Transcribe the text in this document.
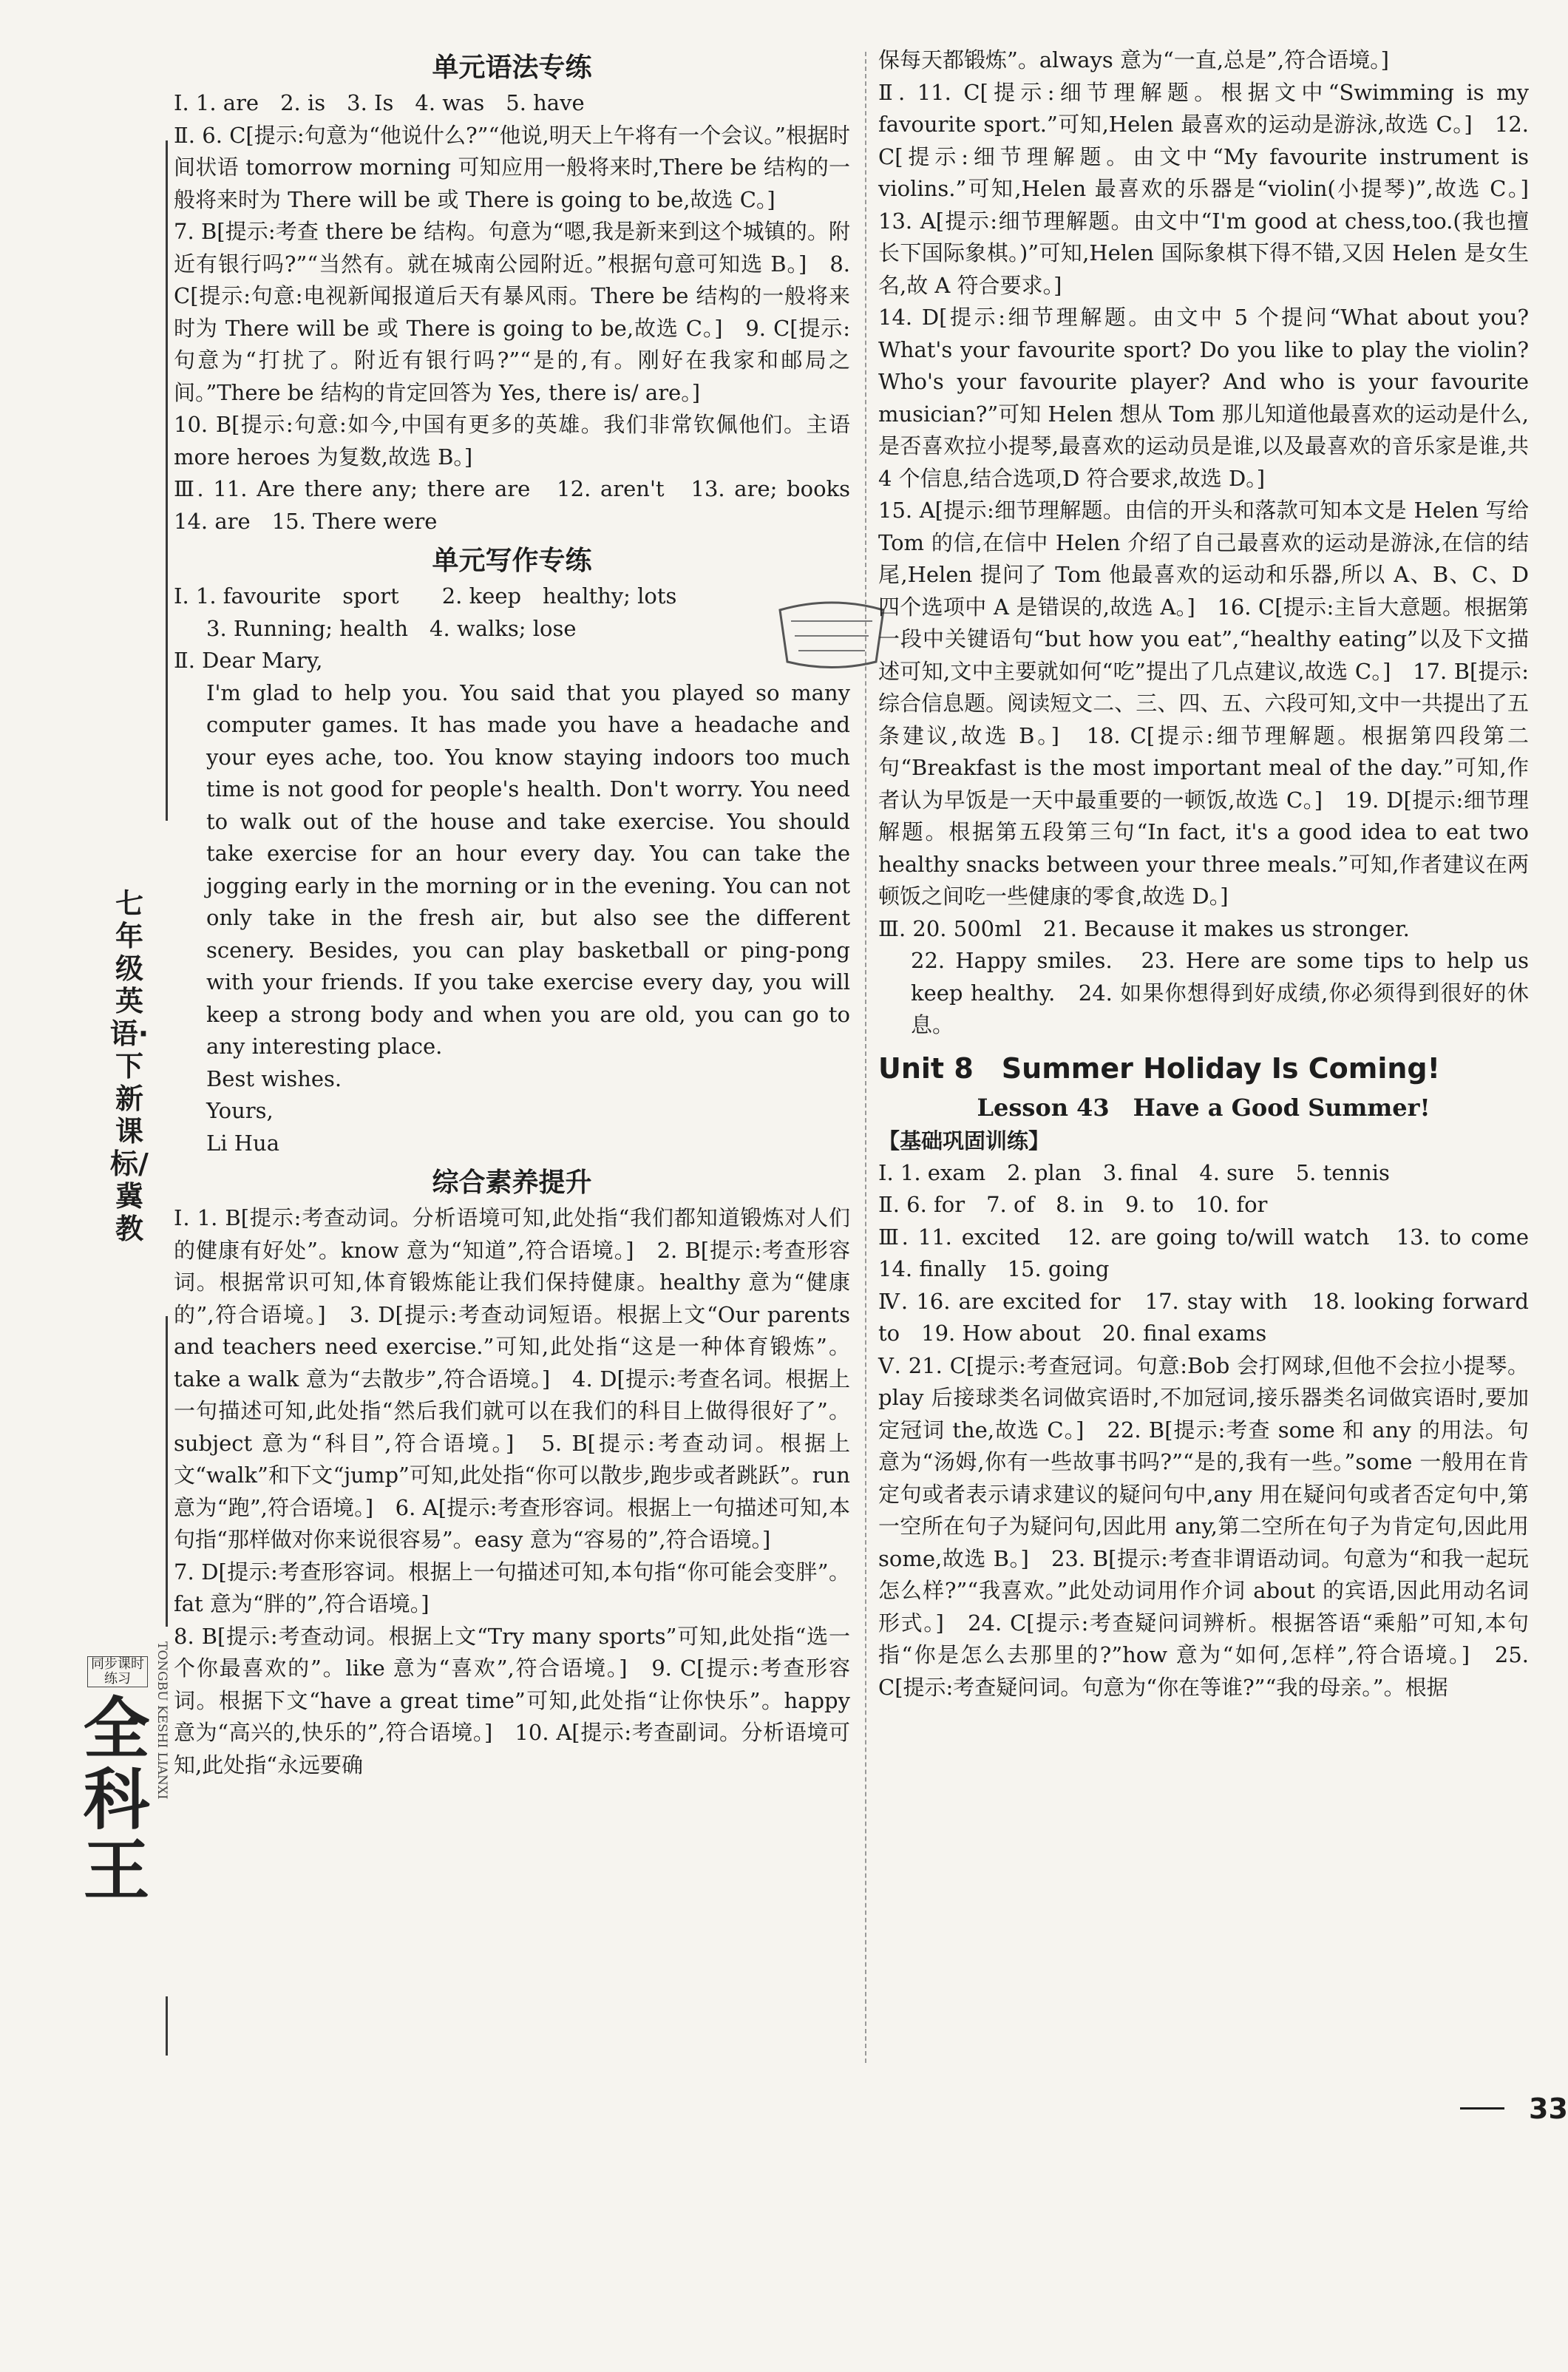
七年级英语·下　新课标/冀教
全科王
TONGBU KESHI LIANXI
同步课时练习
单元语法专练

Ⅰ. 1. are　2. is　3. Is　4. was　5. have

Ⅱ. 6. C[提示:句意为“他说什么?”“他说,明天上午将有一个会议。”根据时间状语 tomorrow morning 可知应用一般将来时,There be 结构的一般将来时为 There will be 或 There is going to be,故选 C。]

7. B[提示:考查 there be 结构。句意为“嗯,我是新来到这个城镇的。附近有银行吗?”“当然有。就在城南公园附近。”根据句意可知选 B。]　8. C[提示:句意:电视新闻报道后天有暴风雨。There be 结构的一般将来时为 There will be 或 There is going to be,故选 C。]　9. C[提示:句意为“打扰了。附近有银行吗?”“是的,有。刚好在我家和邮局之间。”There be 结构的肯定回答为 Yes, there is/ are。]

10. B[提示:句意:如今,中国有更多的英雄。我们非常钦佩他们。主语 more heroes 为复数,故选 B。]

Ⅲ. 11. Are there any; there are　12. aren't　13. are; books　14. are　15. There were

单元写作专练

Ⅰ. 1. favourite　sport　　2. keep　healthy; lots

3. Running; health　4. walks; lose

Ⅱ. Dear Mary,

I'm glad to help you. You said that you played so many computer games. It has made you have a headache and your eyes ache, too. You know staying indoors too much time is not good for people's health. Don't worry. You need to walk out of the house and take exercise. You should take exercise for an hour every day. You can take the jogging early in the morning or in the evening. You can not only take in the fresh air, but also see the different scenery. Besides, you can play basketball or ping-pong with your friends. If you take exercise every day, you will keep a strong body and when you are old, you can go to any interesting place.

Best wishes.

Yours,

Li Hua

综合素养提升

Ⅰ. 1. B[提示:考查动词。分析语境可知,此处指“我们都知道锻炼对人们的健康有好处”。know 意为“知道”,符合语境。]　2. B[提示:考查形容词。根据常识可知,体育锻炼能让我们保持健康。healthy 意为“健康的”,符合语境。]　3. D[提示:考查动词短语。根据上文“Our parents and teachers need exercise.”可知,此处指“这是一种体育锻炼”。take a walk 意为“去散步”,符合语境。]　4. D[提示:考查名词。根据上一句描述可知,此处指“然后我们就可以在我们的科目上做得很好了”。subject 意为“科目”,符合语境。]　5. B[提示:考查动词。根据上文“walk”和下文“jump”可知,此处指“你可以散步,跑步或者跳跃”。run 意为“跑”,符合语境。]　6. A[提示:考查形容词。根据上一句描述可知,本句指“那样做对你来说很容易”。easy 意为“容易的”,符合语境。]

7. D[提示:考查形容词。根据上一句描述可知,本句指“你可能会变胖”。fat 意为“胖的”,符合语境。]

8. B[提示:考查动词。根据上文“Try many sports”可知,此处指“选一个你最喜欢的”。like 意为“喜欢”,符合语境。]　9. C[提示:考查形容词。根据下文“have a great time”可知,此处指“让你快乐”。happy 意为“高兴的,快乐的”,符合语境。]　10. A[提示:考查副词。分析语境可知,此处指“永远要确

保每天都锻炼”。always 意为“一直,总是”,符合语境。]

Ⅱ. 11. C[提示:细节理解题。根据文中“Swimming is my favourite sport.”可知,Helen 最喜欢的运动是游泳,故选 C。]　12. C[提示:细节理解题。由文中“My favourite instrument is violins.”可知,Helen 最喜欢的乐器是“violin(小提琴)”,故选 C。]　13. A[提示:细节理解题。由文中“I'm good at chess,too.(我也擅长下国际象棋。)”可知,Helen 国际象棋下得不错,又因 Helen 是女生名,故 A 符合要求。]

14. D[提示:细节理解题。由文中 5 个提问“What about you? What's your favourite sport? Do you like to play the violin? Who's your favourite player? And who is your favourite musician?”可知 Helen 想从 Tom 那儿知道他最喜欢的运动是什么,是否喜欢拉小提琴,最喜欢的运动员是谁,以及最喜欢的音乐家是谁,共 4 个信息,结合选项,D 符合要求,故选 D。]

15. A[提示:细节理解题。由信的开头和落款可知本文是 Helen 写给 Tom 的信,在信中 Helen 介绍了自己最喜欢的运动是游泳,在信的结尾,Helen 提问了 Tom 他最喜欢的运动和乐器,所以 A、B、C、D 四个选项中 A 是错误的,故选 A。]　16. C[提示:主旨大意题。根据第一段中关键语句“but how you eat”,“healthy eating”以及下文描述可知,文中主要就如何“吃”提出了几点建议,故选 C。]　17. B[提示:综合信息题。阅读短文二、三、四、五、六段可知,文中一共提出了五条建议,故选 B。]　18. C[提示:细节理解题。根据第四段第二句“Breakfast is the most important meal of the day.”可知,作者认为早饭是一天中最重要的一顿饭,故选 C。]　19. D[提示:细节理解题。根据第五段第三句“In fact, it's a good idea to eat two healthy snacks between your three meals.”可知,作者建议在两顿饭之间吃一些健康的零食,故选 D。]

Ⅲ. 20. 500ml　21. Because it makes us stronger.

22. Happy smiles.　23. Here are some tips to help us keep healthy.　24. 如果你想得到好成绩,你必须得到很好的休息。

Unit 8　Summer Holiday Is Coming!
Lesson 43　Have a Good Summer!
【基础巩固训练】

Ⅰ. 1. exam　2. plan　3. final　4. sure　5. tennis

Ⅱ. 6. for　7. of　8. in　9. to　10. for

Ⅲ. 11. excited　12. are going to/will watch　13. to come　14. finally　15. going

Ⅳ. 16. are excited for　17. stay with　18. looking forward to　19. How about　20. final exams

Ⅴ. 21. C[提示:考查冠词。句意:Bob 会打网球,但他不会拉小提琴。play 后接球类名词做宾语时,不加冠词,接乐器类名词做宾语时,要加定冠词 the,故选 C。]　22. B[提示:考查 some 和 any 的用法。句意为“汤姆,你有一些故事书吗?”“是的,我有一些。”some 一般用在肯定句或者表示请求建议的疑问句中,any 用在疑问句或者否定句中,第一空所在句子为疑问句,因此用 any,第二空所在句子为肯定句,因此用 some,故选 B。]　23. B[提示:考查非谓语动词。句意为“和我一起玩怎么样?”“我喜欢。”此处动词用作介词 about 的宾语,因此用动名词形式。]　24. C[提示:考查疑问词辨析。根据答语“乘船”可知,本句指“你是怎么去那里的?”how 意为“如何,怎样”,符合语境。]　25. C[提示:考查疑问词。句意为“你在等谁?”“我的母亲。”。根据

33
